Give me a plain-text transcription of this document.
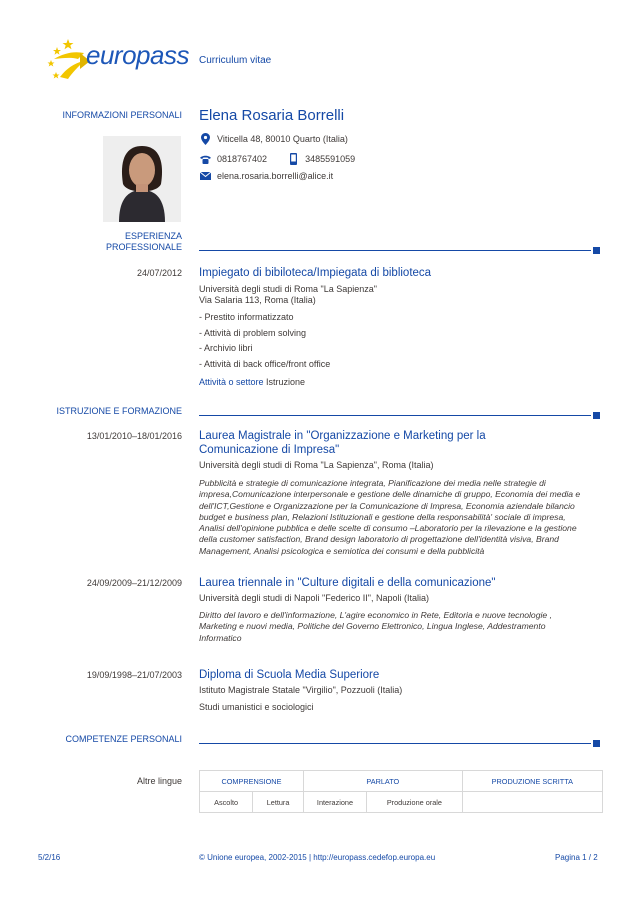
europass Curriculum vitae
INFORMAZIONI PERSONALI Elena Rosaria Borrelli
Viticella 48, 80010 Quarto (Italia)
0818767402	3485591059
elena.rosaria.borrelli@alice.it
ESPERIENZA
PROFESSIONALE
24/07/2012 Impiegato di bibiloteca/Impiegata di biblioteca
Università degli studi di Roma "La Sapienza"
Via Salaria 113, Roma (Italia)
- Prestito informatizzato
- Attività di problem solving
- Archivio libri
- Attività di back office/front office
Attività o settore Istruzione
ISTRUZIONE E FORMAZIONE
13/01/2010–18/01/2016 Laurea Magistrale in "Organizzazione e Marketing per la
Comunicazione di Impresa"
Università degli studi di Roma "La Sapienza", Roma (Italia)
Pubblicità e strategie di comunicazione integrata, Pianificazione dei media nelle strategie di
impresa,Comunicazione interpersonale e gestione delle dinamiche di gruppo, Economia dei media e
dell'ICT,Gestione e Organizzazione per la Comunicazione di Impresa, Economia aziendale bilancio
budget e business plan, Relazioni Istituzionali e gestione della responsabilità' sociale di impresa,
Analisi dell'opinione pubblica e delle scelte di consumo –Laboratorio per la rilevazione e la gestione
della customer satisfaction, Brand design laboratorio di progettazione dell'identità visiva, Brand
Management, Analisi psicologica e semiotica dei consumi e della pubblicità
24/09/2009–21/12/2009 Laurea triennale in "Culture digitali e della comunicazione"
Università degli studi di Napoli "Federico II", Napoli (Italia)
Diritto del lavoro e dell'informazione, L'agire economico in Rete, Editoria e nuove tecnologie ,
Marketing e nuovi media, Politiche del Governo Elettronico, Lingua Inglese, Addestramento
Informatico
19/09/1998–21/07/2003 Diploma di Scuola Media Superiore
Istituto Magistrale Statale "Virgilio", Pozzuoli (Italia)
Studi umanistici e sociologici
COMPETENZE PERSONALI
Altre lingue	COMPRENSIONE		PARLATO		PRODUZIONE SCRITTA
Ascolto	Lettura	Interazione	Produzione orale	
5/2/16	© Unione europea, 2002-2015 | http://europass.cedefop.europa.eu	Pagina 1 / 2
